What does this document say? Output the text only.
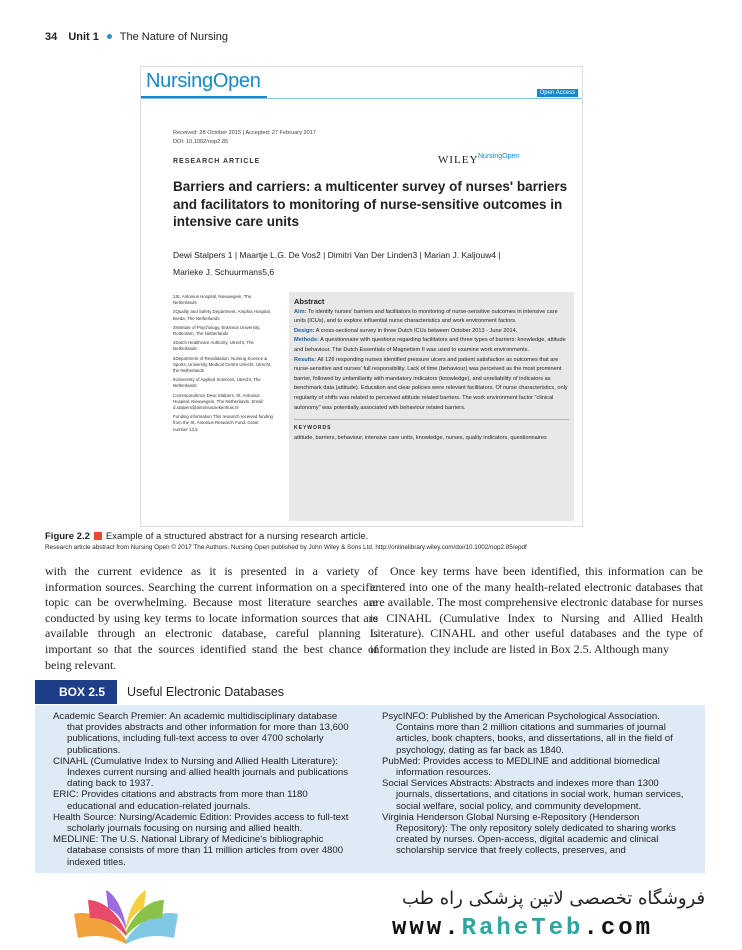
34 Unit 1 The Nature of Nursing
NursingOpen
Open Access
Received: 28 October 2015 | Accepted: 27 February 2017
DOI: 10.1002/nop2.85
RESEARCH ARTICLE	WILEY NursingOpen
Barriers and carriers: a multicenter survey of nurses' barriers and facilitators to monitoring of nurse-sensitive outcomes in intensive care units
Dewi Stalpers 1 | Maartje L.G. De Vos2 | Dimitri Van Der Linden3 | Marian J. Kaljouw4 |
Marieke J. Schuurmans5,6

1St. Antonius Hospital, Nieuwegein, The Netherlands

2Quality and Safety Department, Amphia Hospital, Breda, The Netherlands

3Institute of Psychology, Erasmus University, Rotterdam, The Netherlands

4Dutch Healthcare Authority, Utrecht, The Netherlands

5Department of Revalidation, Nursing Science & Sports, University Medical Centre Utrecht, Utrecht, the Netherlands

6University of Applied Sciences, Utrecht, The Netherlands

Correspondence Dewi Stalpers, St. Antonius Hospital, Nieuwegein, The Netherlands. Email: d.stalpers@antoniusziekenhuis.nl

Funding information This research received funding from the St. Antonius Research Fund. Grant number 13.5

Abstract
Aim: To identify nurses' barriers and facilitators to monitoring of nurse-sensitive outcomes in intensive care units (ICUs), and to explore influential nurse characteristics and work environment factors.
Design: A cross-sectional survey in three Dutch ICUs between October 2013 - June 2014.
Methods: A questionnaire with questions regarding facilitators and three types of barriers: knowledge, attitude and behaviour. The Dutch Essentials of Magnetism II was used to examine work environments.
Results: All 126 responding nurses identified pressure ulcers and patient satisfaction as outcomes that are nurse-sensitive and nurses' full responsibility. Lack of time (behaviour) was perceived as the most prominent barrier, followed by unfamiliarity with mandatory indicators (knowledge), and unreliability of indicators as benchmark data (attitude). Education and clear policies were relevant facilitators. Of nurse characteristics, only regularity of shifts was related to perceived attitude related barriers. The work environment factor "clinical autonomy" was potentially associated with behaviour related barriers.
KEYWORDS
attitude, barriers, behaviour, intensive care units, knowledge, nurses, quality indicators, questionnaires
Figure 2.2 Example of a structured abstract for a nursing research article.
Research article abstract from Nursing Open © 2017 The Authors. Nursing Open published by John Wiley & Sons Ltd. http://onlinelibrary.wiley.com/doi/10.1002/nop2.85/epdf
with the current evidence as it is presented in a variety of information sources. Searching the current information on a specific topic can be overwhelming. Because most literature searches are conducted by using key terms to locate information sources that are available through an electronic database, careful planning is important so that the sources identified stand the best chance of being relevant.
Once key terms have been identified, this information can be entered into one of the many health-related electronic databases that are available. The most comprehensive electronic database for nurses is CINAHL (Cumulative Index to Nursing and Allied Health Literature). CINAHL and other useful databases and the type of information they include are listed in Box 2.5. Although many
BOX 2.5	Useful Electronic Databases

Academic Search Premier: An academic multidisciplinary database that provides abstracts and other information for more than 13,600 publications, including full-text access to over 4700 scholarly publications.

CINAHL (Cumulative Index to Nursing and Allied Health Literature): Indexes current nursing and allied health journals and publications dating back to 1937.

ERIC: Provides citations and abstracts from more than 1180 educational and education-related journals.

Health Source: Nursing/Academic Edition: Provides access to full-text scholarly journals focusing on nursing and allied health.

MEDLINE: The U.S. National Library of Medicine's bibliographic database consists of more than 11 million articles from over 4800 indexed titles.

PsycINFO: Published by the American Psychological Association. Contains more than 2 million citations and summaries of journal articles, book chapters, books, and dissertations, all in the field of psychology, dating as far back as 1840.

PubMed: Provides access to MEDLINE and additional biomedical information resources.

Social Services Abstracts: Abstracts and indexes more than 1300 journals, dissertations, and citations in social work, human services, social welfare, social policy, and community development.

Virginia Henderson Global Nursing e-Repository (Henderson Repository): The only repository solely dedicated to sharing works created by nurses. Open-access, digital academic and clinical scholarship service that freely collects, preserves, and

فروشگاه تخصصی لاتین پزشکی راه طب
www.RaheTeb.com
